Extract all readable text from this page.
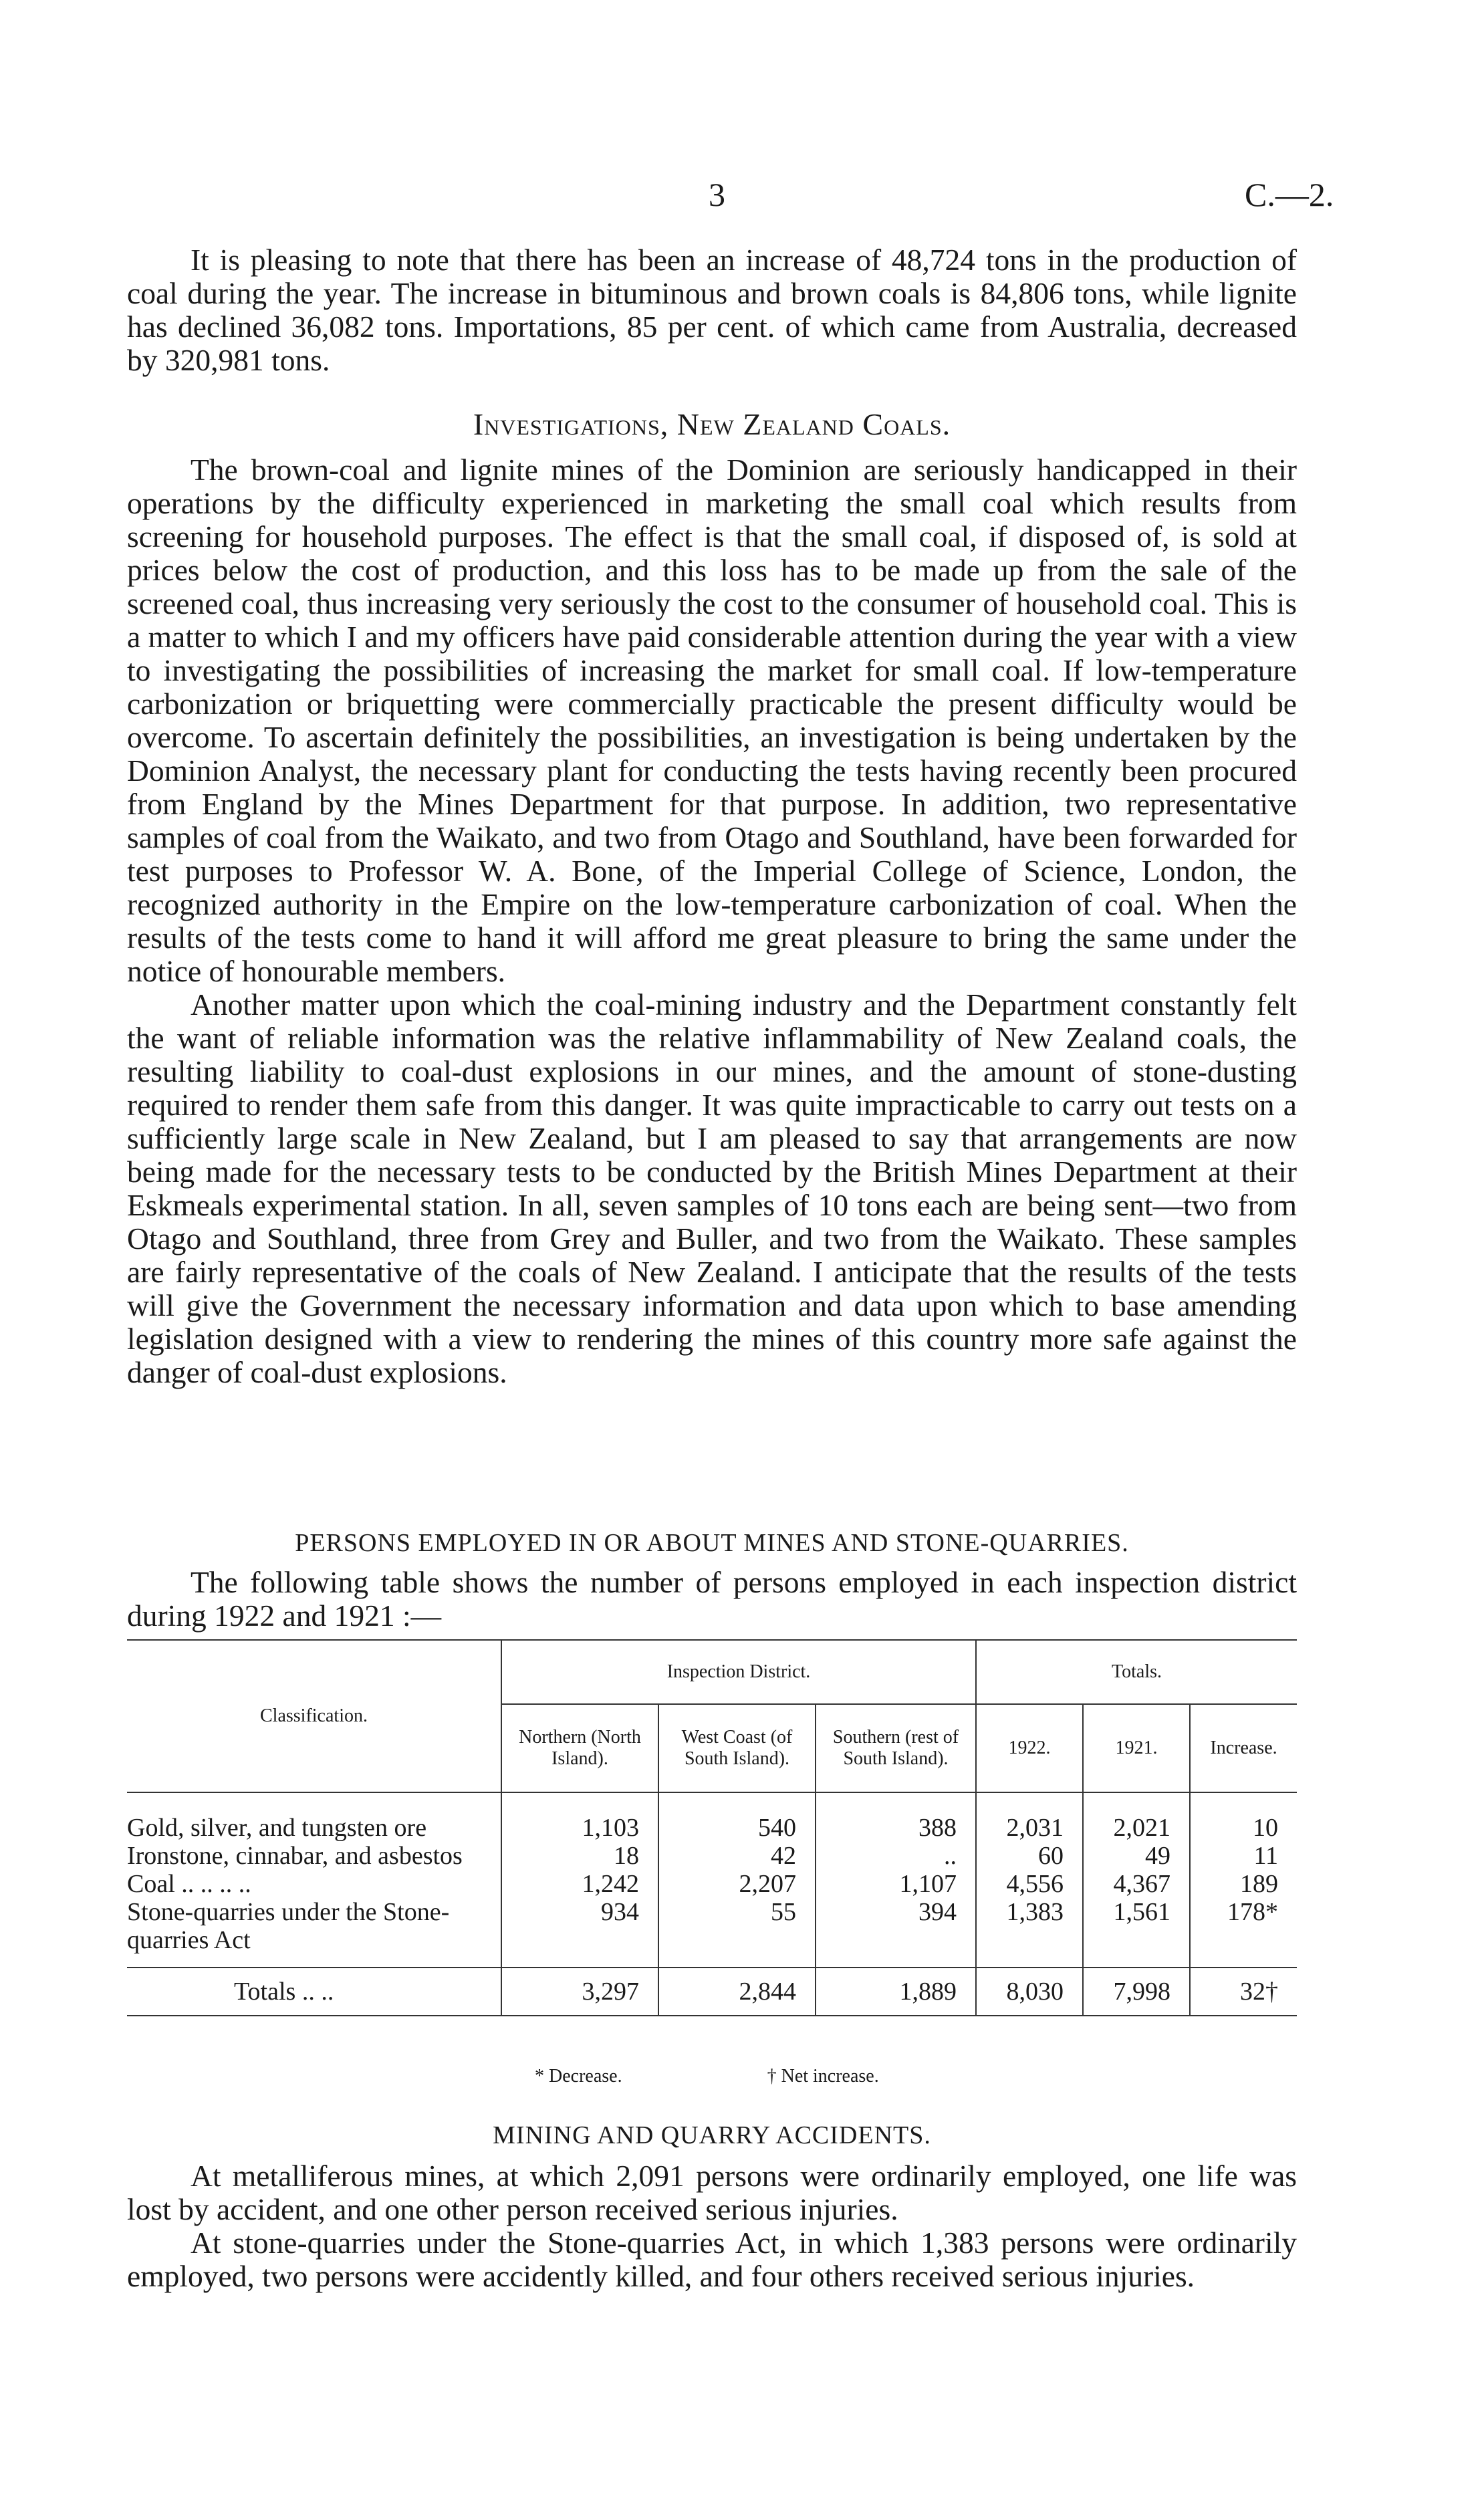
3	C.—2.

It is pleasing to note that there has been an increase of 48,724 tons in the production of coal during the year. The increase in bituminous and brown coals is 84,806 tons, while lignite has declined 36,082 tons. Importations, 85 per cent. of which came from Australia, decreased by 320,981 tons.

Investigations, New Zealand Coals.

The brown-coal and lignite mines of the Dominion are seriously handicapped in their operations by the difficulty experienced in marketing the small coal which results from screening for household purposes. The effect is that the small coal, if disposed of, is sold at prices below the cost of production, and this loss has to be made up from the sale of the screened coal, thus increasing very seriously the cost to the consumer of household coal. This is a matter to which I and my officers have paid considerable attention during the year with a view to investigating the possibilities of increasing the market for small coal. If low-temperature carbonization or briquetting were commercially practicable the present difficulty would be overcome. To ascertain definitely the possibilities, an investigation is being undertaken by the Dominion Analyst, the necessary plant for conducting the tests having recently been procured from England by the Mines Department for that purpose. In addition, two representative samples of coal from the Waikato, and two from Otago and Southland, have been forwarded for test purposes to Professor W. A. Bone, of the Imperial College of Science, London, the recognized authority in the Empire on the low-temperature carbonization of coal. When the results of the tests come to hand it will afford me great pleasure to bring the same under the notice of honourable members.

Another matter upon which the coal-mining industry and the Department constantly felt the want of reliable information was the relative inflammability of New Zealand coals, the resulting liability to coal-dust explosions in our mines, and the amount of stone-dusting required to render them safe from this danger. It was quite impracticable to carry out tests on a sufficiently large scale in New Zealand, but I am pleased to say that arrangements are now being made for the necessary tests to be conducted by the British Mines Department at their Eskmeals experimental station. In all, seven samples of 10 tons each are being sent—two from Otago and Southland, three from Grey and Buller, and two from the Waikato. These samples are fairly representative of the coals of New Zealand. I anticipate that the results of the tests will give the Government the necessary information and data upon which to base amending legislation designed with a view to rendering the mines of this country more safe against the danger of coal-dust explosions.

PERSONS EMPLOYED IN OR ABOUT MINES AND STONE-QUARRIES.

The following table shows the number of persons employed in each inspection district during 1922 and 1921 :—

Classification.	Inspection District.			Totals.		
	Northern (North Island).	West Coast (of South Island).	Southern (rest of South Island).	1922.	1921.	Increase.

Gold, silver, and tungsten ore	1,103	540	388	2,031	2,021	10
Ironstone, cinnabar, and asbestos	18	42	..	60	49	11
Coal .. .. .. ..	1,242	2,207	1,107	4,556	4,367	189
Stone-quarries under the Stone-quarries Act	934	55	394	1,383	1,561	178*

Totals .. ..	3,297	2,844	1,889	8,030	7,998	32†
* Decrease.	† Net increase.
MINING AND QUARRY ACCIDENTS.

At metalliferous mines, at which 2,091 persons were ordinarily employed, one life was lost by accident, and one other person received serious injuries.

At stone-quarries under the Stone-quarries Act, in which 1,383 persons were ordinarily employed, two persons were accidently killed, and four others received serious injuries.
